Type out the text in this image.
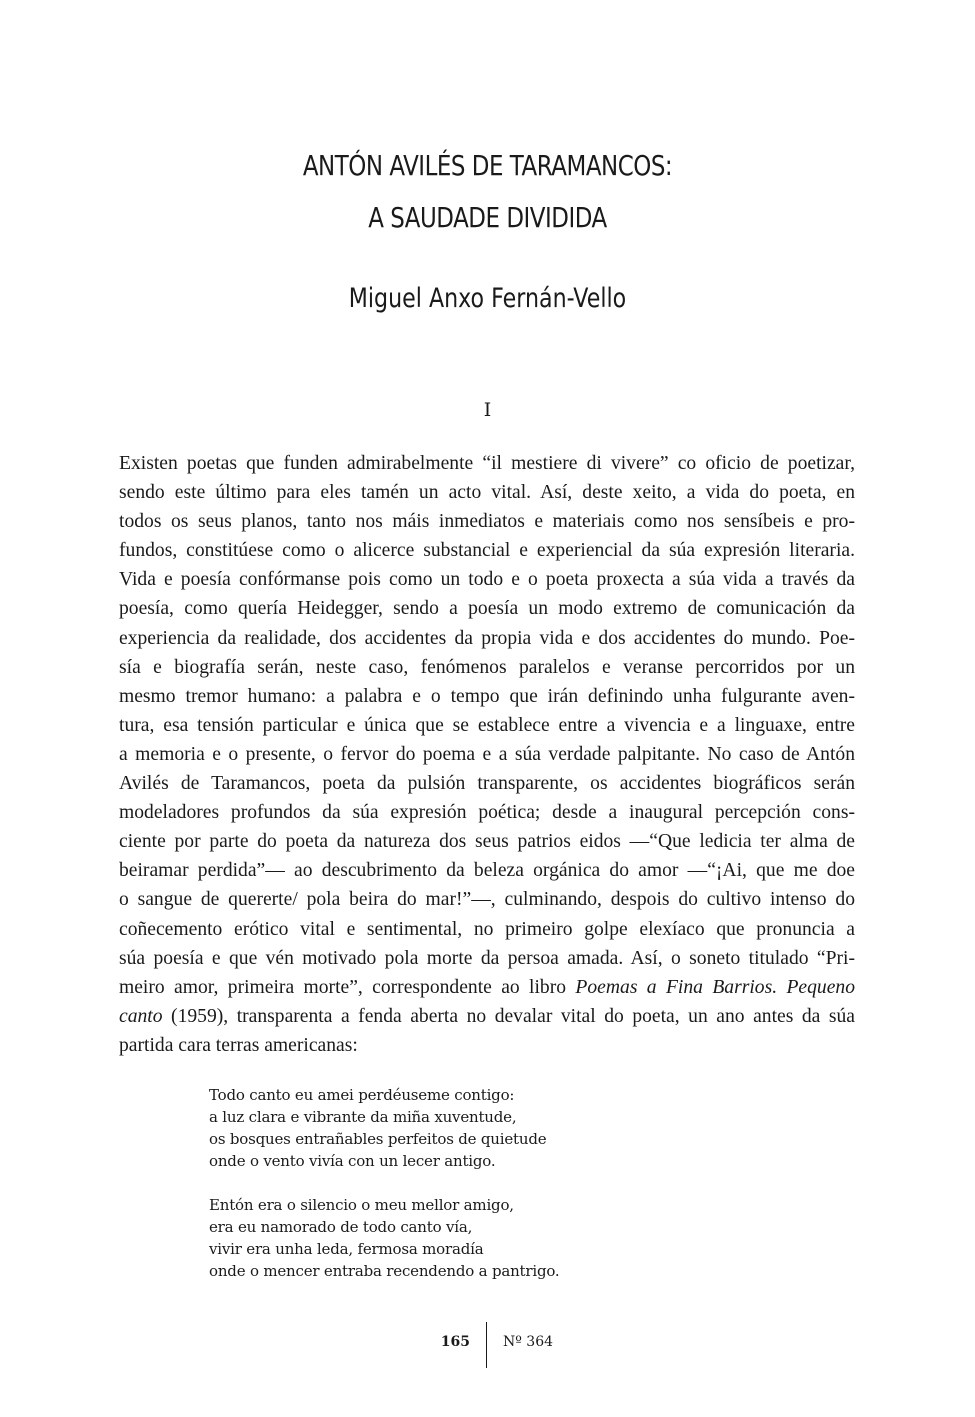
ANTÓN AVILÉS DE TARAMANCOS:
A SAUDADE DIVIDIDA
Miguel Anxo Fernán-Vello
I
Existen poetas que funden admirabelmente “il mestiere di vivere” co oficio de poetizar,
sendo este último para eles tamén un acto vital. Así, deste xeito, a vida do poeta, en
todos os seus planos, tanto nos máis inmediatos e materiais como nos sensíbeis e pro-
fundos, constitúese como o alicerce substancial e experiencial da súa expresión literaria.
Vida e poesía confórmanse pois como un todo e o poeta proxecta a súa vida a través da
poesía, como quería Heidegger, sendo a poesía un modo extremo de comunicación da
experiencia da realidade, dos accidentes da propia vida e dos accidentes do mundo. Poe-
sía e biografía serán, neste caso, fenómenos paralelos e veranse percorridos por un
mesmo tremor humano: a palabra e o tempo que irán definindo unha fulgurante aven-
tura, esa tensión particular e única que se establece entre a vivencia e a linguaxe, entre
a memoria e o presente, o fervor do poema e a súa verdade palpitante. No caso de Antón
Avilés de Taramancos, poeta da pulsión transparente, os accidentes biográficos serán
modeladores profundos da súa expresión poética; desde a inaugural percepción cons-
ciente por parte do poeta da natureza dos seus patrios eidos —“Que ledicia ter alma de
beiramar perdida”— ao descubrimento da beleza orgánica do amor —“¡Ai, que me doe
o sangue de quererte/ pola beira do mar!”—, culminando, despois do cultivo intenso do
coñecemento erótico vital e sentimental, no primeiro golpe elexíaco que pronuncia a
súa poesía e que vén motivado pola morte da persoa amada. Así, o soneto titulado “Pri-
meiro amor, primeira morte”, correspondente ao libro Poemas a Fina Barrios. Pequeno
canto (1959), transparenta a fenda aberta no devalar vital do poeta, un ano antes da súa
partida cara terras americanas:
Todo canto eu amei perdéuseme contigo:
a luz clara e vibrante da miña xuventude,
os bosques entrañables perfeitos de quietude
onde o vento vivía con un lecer antigo.
Entón era o silencio o meu mellor amigo,
era eu namorado de todo canto vía,
vivir era unha leda, fermosa moradía
onde o mencer entraba recendendo a pantrigo.
165 Nº 364
